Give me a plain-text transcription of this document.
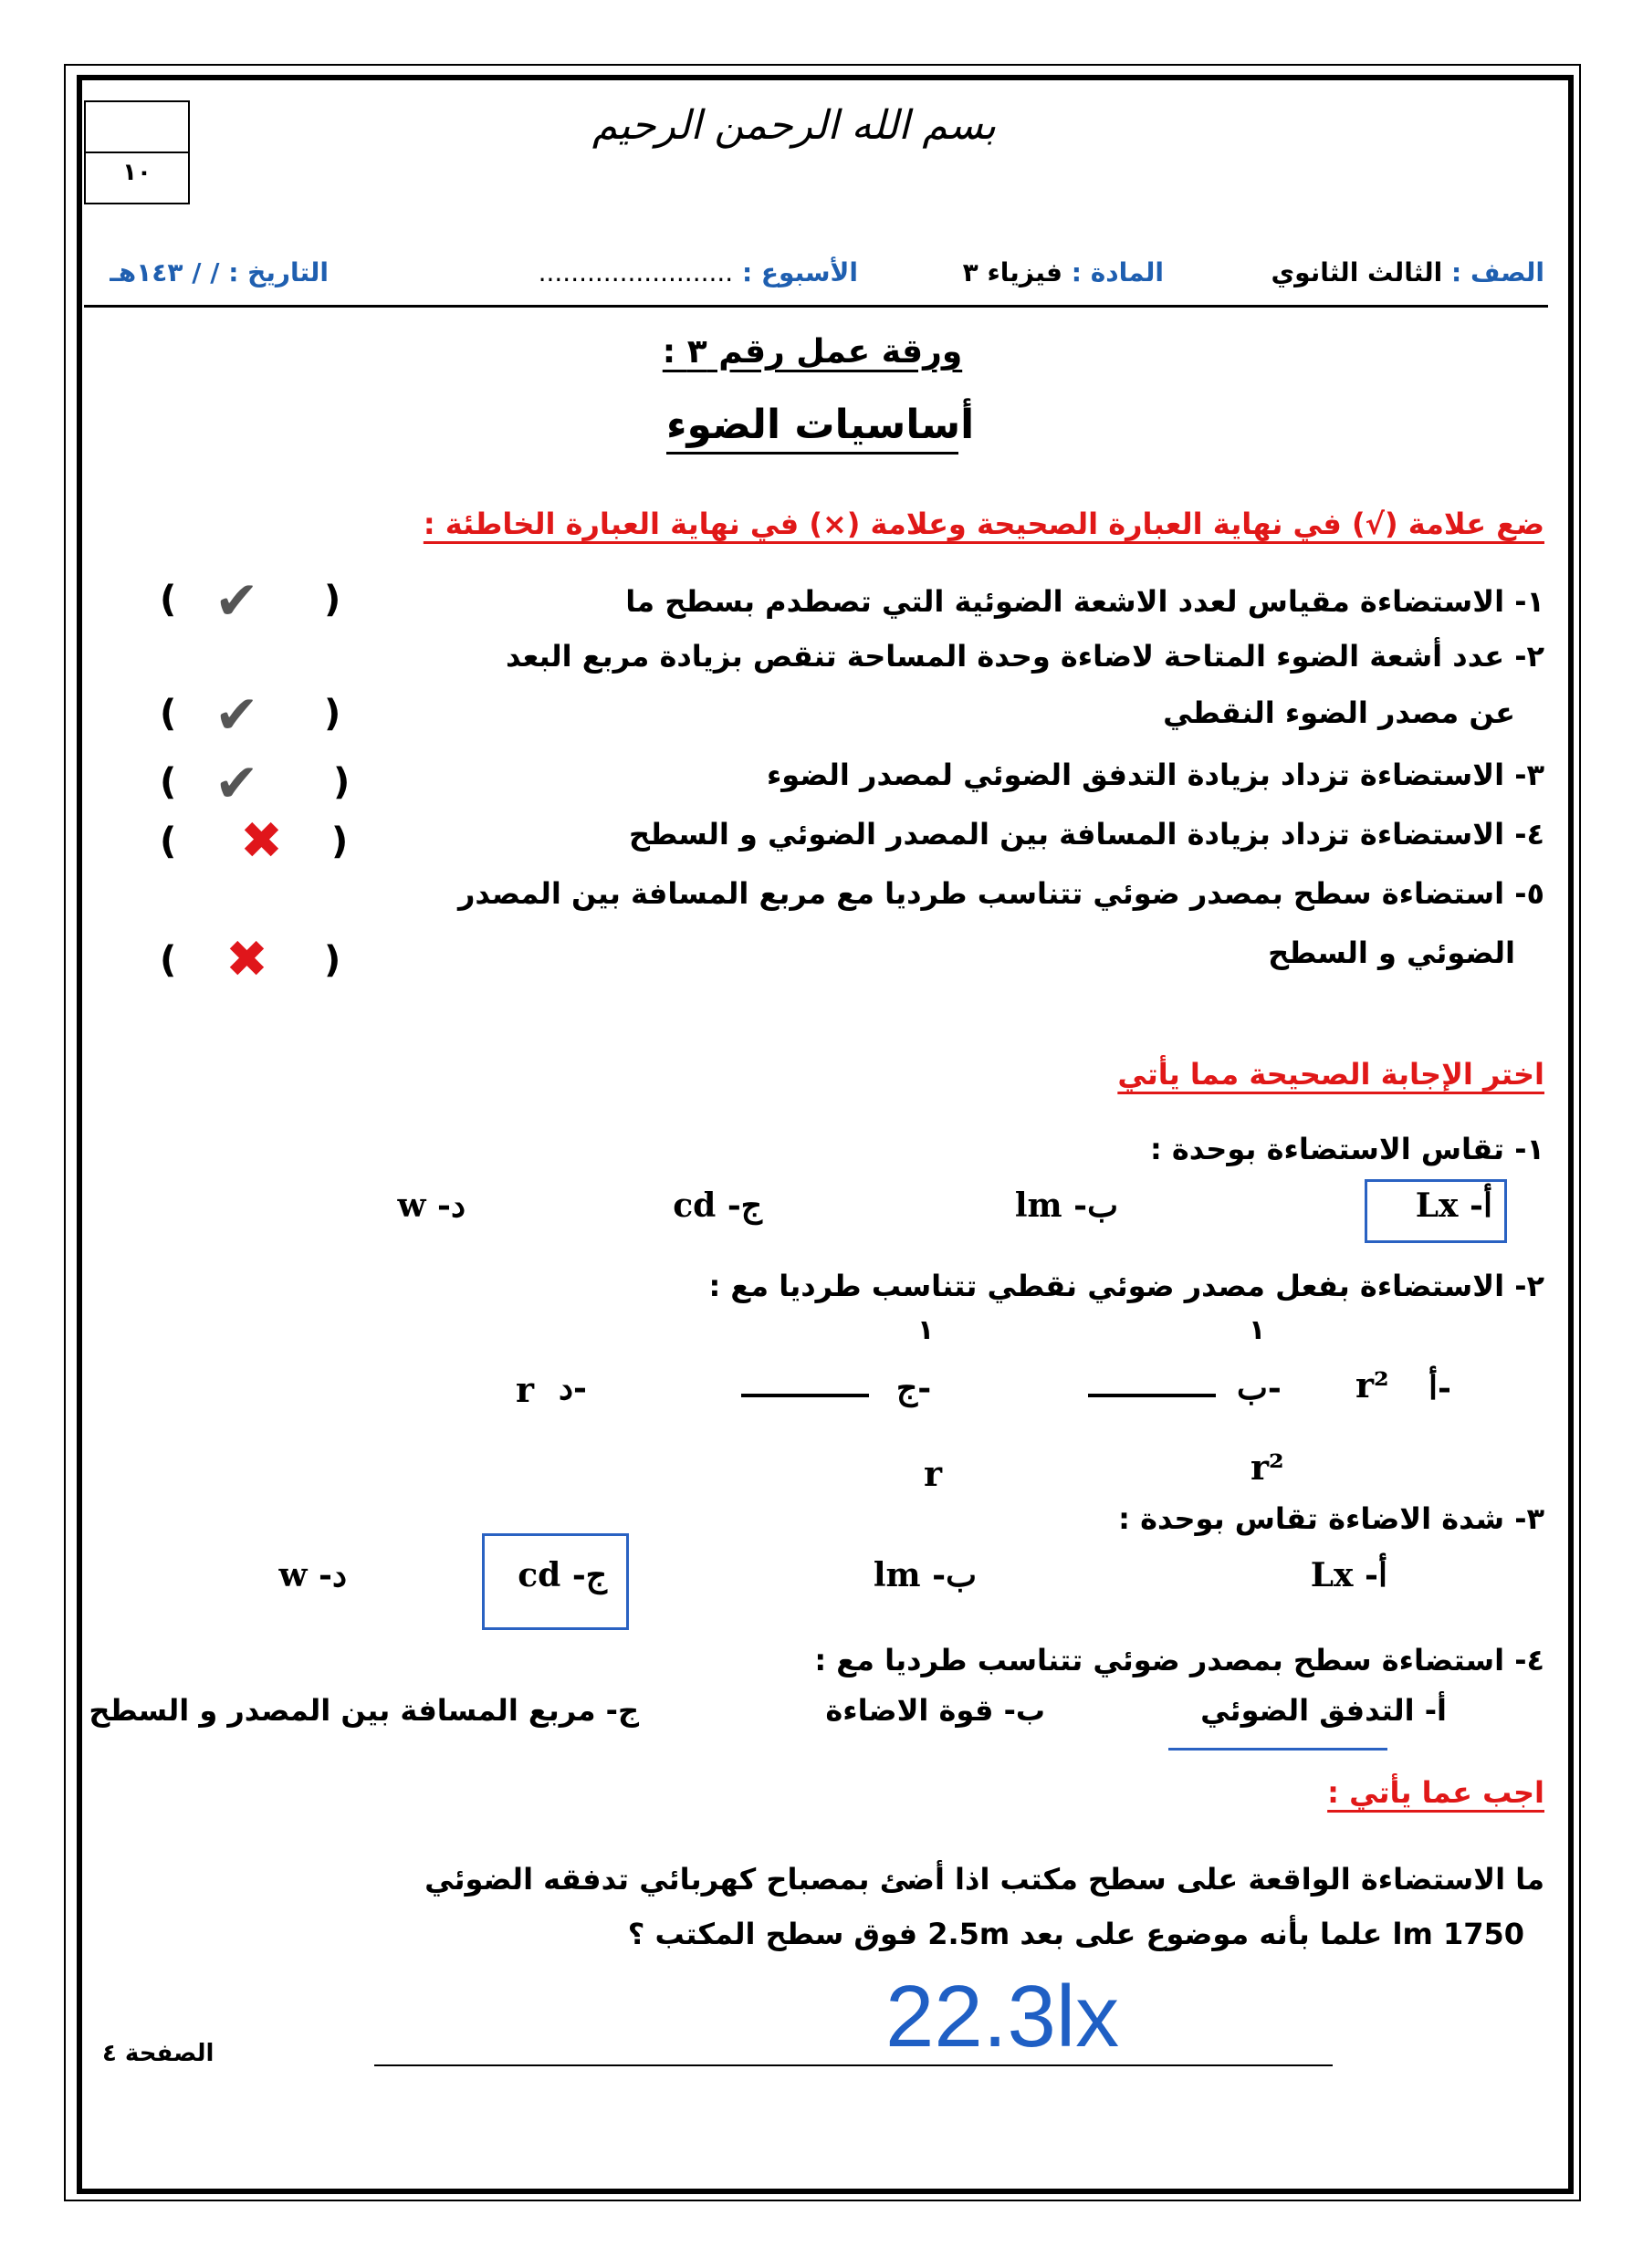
١٠
بسم الله الرحمن الرحيم
الصف : الثالث الثانوي
المادة : فيزياء ٣
الأسبوع : ........................
التاريخ : / / ١٤٣هـ
ورقة عمل رقم ٣ :
أساسيات الضوء
ضع علامة (√) في نهاية العبارة الصحيحة وعلامة (×) في نهاية العبارة الخاطئة :
١- الاستضاءة مقياس لعدد الاشعة الضوئية التي تصطدم بسطح ما
٢- عدد أشعة الضوء المتاحة لاضاءة وحدة المساحة تنقص بزيادة مربع البعد
عن مصدر الضوء النقطي
٣- الاستضاءة تزداد بزيادة التدفق الضوئي لمصدر الضوء
٤- الاستضاءة تزداد بزيادة المسافة بين المصدر الضوئي و السطح
٥- استضاءة سطح بمصدر ضوئي تتناسب طرديا مع مربع المسافة بين المصدر
الضوئي و السطح
( ✔ )
( ✔ )
( ✔ )
( ✖ )
( ✖ )
اختر الإجابة الصحيحة مما يأتي
١- تقاس الاستضاءة بوحدة :
أ- Lx
ب- lm
ج- cd
د- w
٢- الاستضاءة بفعل مصدر ضوئي نقطي تتناسب طرديا مع :
أ-
r²
ب-
١
r²
ج-
١
r
د-
r
٣- شدة الاضاءة تقاس بوحدة :
أ- Lx
ب- lm
ج- cd
د- w
٤- استضاءة سطح بمصدر ضوئي تتناسب طرديا مع :
أ- التدفق الضوئي
ب- قوة الاضاءة
ج- مربع المسافة بين المصدر و السطح
اجب عما يأتي :
ما الاستضاءة الواقعة على سطح مكتب اذا أضئ بمصباح كهربائي تدفقه الضوئي
1750 lm علما بأنه موضوع على بعد 2.5m فوق سطح المكتب ؟
22.3lx
الصفحة ٤
